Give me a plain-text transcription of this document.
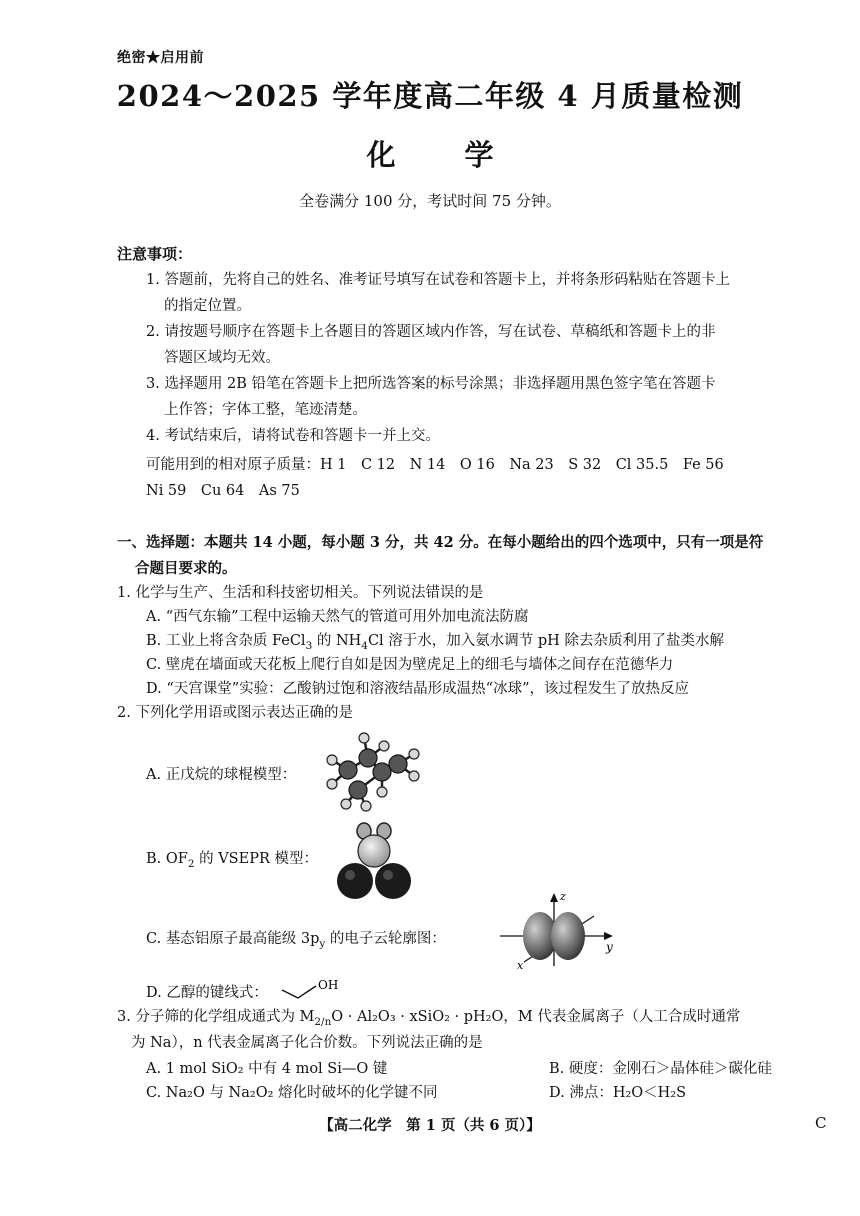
绝密★启用前
2024～2025 学年度高二年级 4 月质量检测
化 学
全卷满分 100 分，考试时间 75 分钟。
注意事项：
1. 答题前，先将自己的姓名、准考证号填写在试卷和答题卡上，并将条形码粘贴在答题卡上
的指定位置。
2. 请按题号顺序在答题卡上各题目的答题区域内作答，写在试卷、草稿纸和答题卡上的非
答题区域均无效。
3. 选择题用 2B 铅笔在答题卡上把所选答案的标号涂黑；非选择题用黑色签字笔在答题卡
上作答；字体工整，笔迹清楚。
4. 考试结束后，请将试卷和答题卡一并上交。
可能用到的相对原子质量：H 1　C 12　N 14　O 16　Na 23　S 32　Cl 35.5　Fe 56
Ni 59　Cu 64　As 75
一、选择题：本题共 14 小题，每小题 3 分，共 42 分。在每小题给出的四个选项中，只有一项是符
合题目要求的。
1. 化学与生产、生活和科技密切相关。下列说法错误的是
A. “西气东输”工程中运输天然气的管道可用外加电流法防腐
B. 工业上将含杂质 FeCl$_3$ 的 $NH_4Cl$ 溶于水，加入氨水调节 pH 除去杂质利用了盐类水解
C. 壁虎在墙面或天花板上爬行自如是因为壁虎足上的细毛与墙体之间存在范德华力
D. “天宫课堂”实验：乙酸钠过饱和溶液结晶形成温热“冰球”，该过程发生了放热反应
2. 下列化学用语或图示表达正确的是
A. 正戊烷的球棍模型：
B. $OF_2$ 的 VSEPR 模型：
C. 基态铝原子最高能级 $3p_y$ 的电子云轮廓图：
z
y
x
D. 乙醇的键线式：	OH
3. 分子筛的化学组成通式为 $M_{2/n}O \cdot Al_2O_3$ · xSiO₂ · pH₂O，M 代表金属离子（人工合成时通常
为 Na），n 代表金属离子化合价数。下列说法正确的是
A. 1 mol SiO₂ 中有 4 mol Si—O 键	B. 硬度：金刚石＞晶体硅＞碳化硅
C. Na₂O 与 Na₂O₂ 熔化时破坏的化学键不同	D. 沸点：H₂O＜H₂S
【高二化学　第 1 页（共 6 页）】	C
